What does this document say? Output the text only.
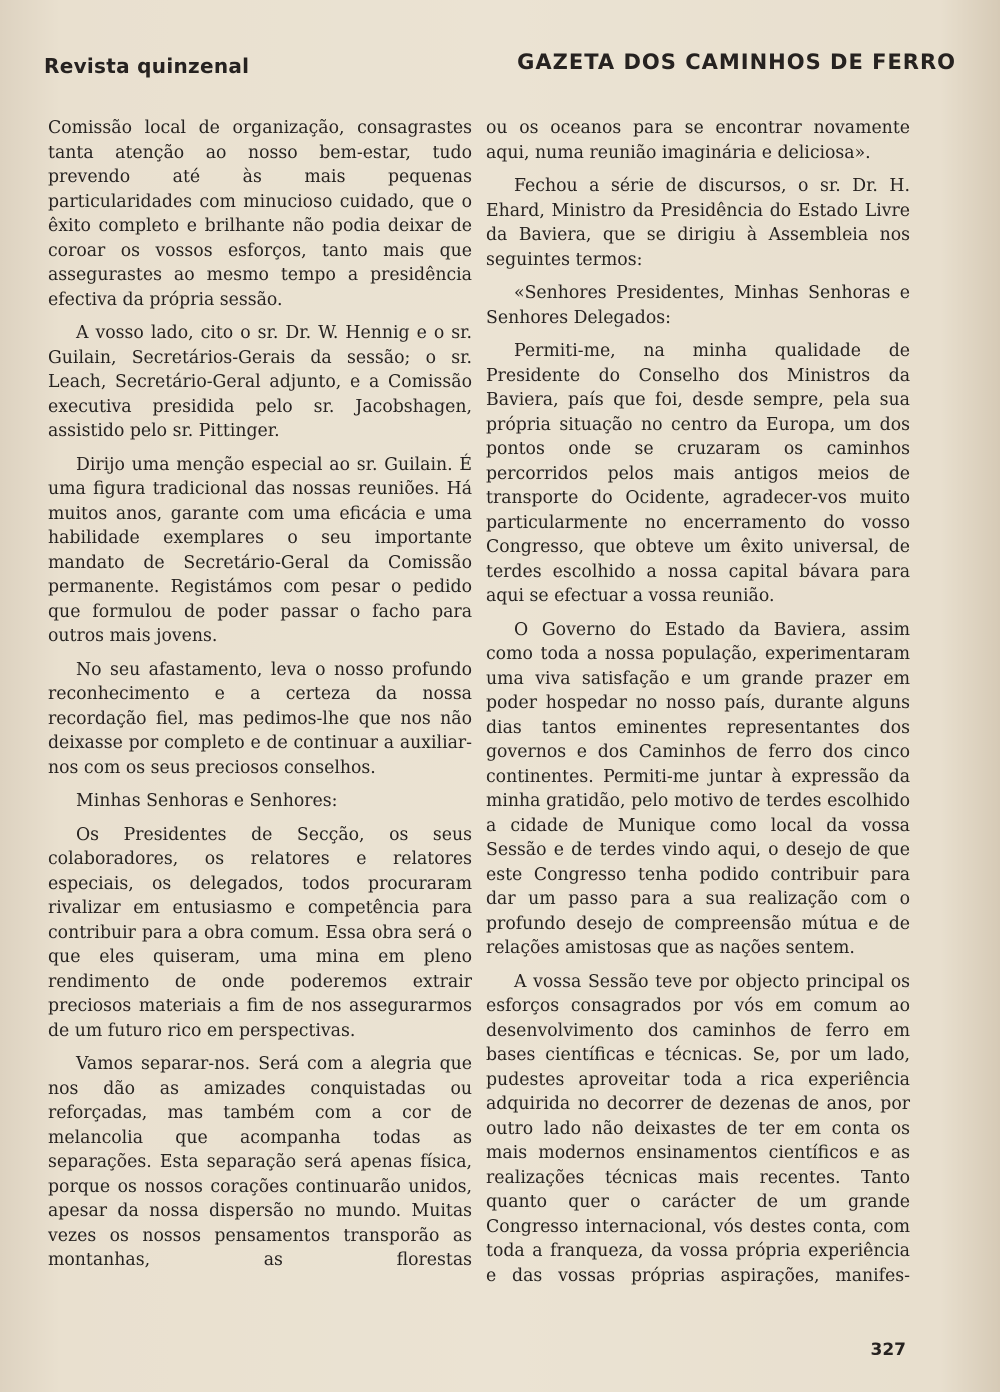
Revista quinzenal	GAZETA DOS CAMINHOS DE FERRO

Comissão local de organização, consagrastes tanta atenção ao nosso bem-estar, tudo prevendo até às mais pequenas particularidades com minucioso cuidado, que o êxito completo e brilhante não podia deixar de coroar os vossos esforços, tanto mais que assegurastes ao mesmo tempo a presidência efectiva da própria sessão.

A vosso lado, cito o sr. Dr. W. Hennig e o sr. Guilain, Secretários-Gerais da sessão; o sr. Leach, Secretário-Geral adjunto, e a Comissão executiva presidida pelo sr. Jacobshagen, assistido pelo sr. Pittinger.

Dirijo uma menção especial ao sr. Guilain. É uma figura tradicional das nossas reuniões. Há muitos anos, garante com uma eficácia e uma habilidade exemplares o seu importante mandato de Secretário-Geral da Comissão permanente. Registámos com pesar o pedido que formulou de poder passar o facho para outros mais jovens.

No seu afastamento, leva o nosso profundo reconhecimento e a certeza da nossa recordação fiel, mas pedimos-lhe que nos não deixasse por completo e de continuar a auxiliar-nos com os seus preciosos conselhos.

Minhas Senhoras e Senhores:

Os Presidentes de Secção, os seus colaboradores, os relatores e relatores especiais, os delegados, todos procuraram rivalizar em entusiasmo e competência para contribuir para a obra comum. Essa obra será o que eles quiseram, uma mina em pleno rendimento de onde poderemos extrair preciosos materiais a fim de nos assegurarmos de um futuro rico em perspectivas.

Vamos separar-nos. Será com a alegria que nos dão as amizades conquistadas ou reforçadas, mas também com a cor de melancolia que acompanha todas as separações. Esta separação será apenas física, porque os nossos corações continuarão unidos, apesar da nossa dispersão no mundo. Muitas vezes os nossos pensamentos transporão as montanhas, as florestas

ou os oceanos para se encontrar novamente aqui, numa reunião imaginária e deliciosa».

Fechou a série de discursos, o sr. Dr. H. Ehard, Ministro da Presidência do Estado Livre da Baviera, que se dirigiu à Assembleia nos seguintes termos:

«Senhores Presidentes, Minhas Senhoras e Senhores Delegados:

Permiti-me, na minha qualidade de Presidente do Conselho dos Ministros da Baviera, país que foi, desde sempre, pela sua própria situação no centro da Europa, um dos pontos onde se cruzaram os caminhos percorridos pelos mais antigos meios de transporte do Ocidente, agradecer-vos muito particularmente no encerramento do vosso Congresso, que obteve um êxito universal, de terdes escolhido a nossa capital bávara para aqui se efectuar a vossa reunião.

O Governo do Estado da Baviera, assim como toda a nossa população, experimentaram uma viva satisfação e um grande prazer em poder hospedar no nosso país, durante alguns dias tantos eminentes representantes dos governos e dos Caminhos de ferro dos cinco continentes. Permiti-me juntar à expressão da minha gratidão, pelo motivo de terdes escolhido a cidade de Munique como local da vossa Sessão e de terdes vindo aqui, o desejo de que este Congresso tenha podido contribuir para dar um passo para a sua realização com o profundo desejo de compreensão mútua e de relações amistosas que as nações sentem.

A vossa Sessão teve por objecto principal os esforços consagrados por vós em comum ao desenvolvimento dos caminhos de ferro em bases científicas e técnicas. Se, por um lado, pudestes aproveitar toda a rica experiência adquirida no decorrer de dezenas de anos, por outro lado não deixastes de ter em conta os mais modernos ensinamentos científicos e as realizações técnicas mais recentes. Tanto quanto quer o carácter de um grande Congresso internacional, vós destes conta, com toda a franqueza, da vossa própria experiência e das vossas próprias aspirações, manifes-

327
